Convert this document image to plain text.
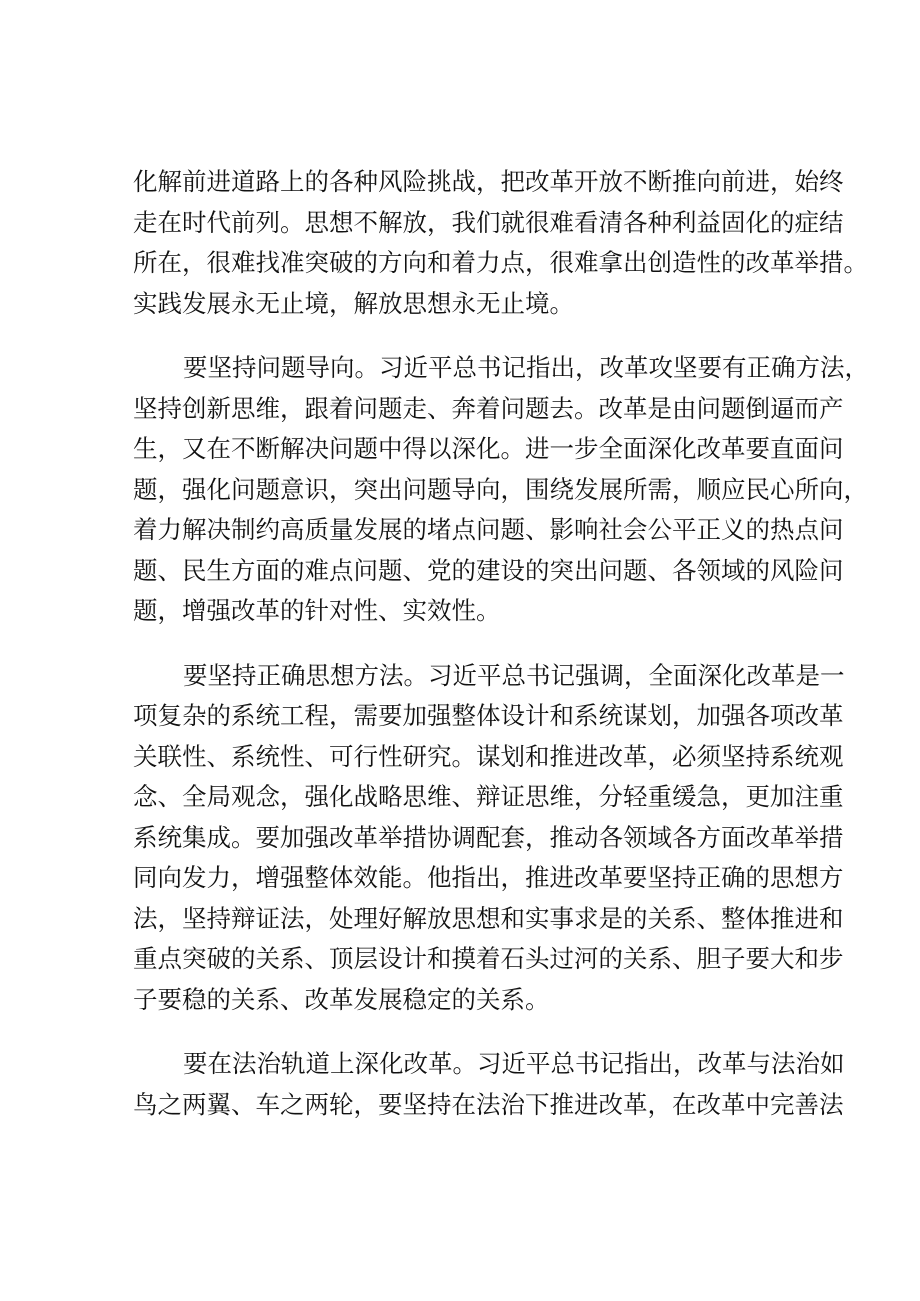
化解前进道路上的各种风险挑战，把改革开放不断推向前进，始终
走在时代前列。思想不解放，我们就很难看清各种利益固化的症结
所在，很难找准突破的方向和着力点，很难拿出创造性的改革举措。
实践发展永无止境，解放思想永无止境。
要坚持问题导向。习近平总书记指出，改革攻坚要有正确方法，
坚持创新思维，跟着问题走、奔着问题去。改革是由问题倒逼而产
生，又在不断解决问题中得以深化。进一步全面深化改革要直面问
题，强化问题意识，突出问题导向，围绕发展所需，顺应民心所向，
着力解决制约高质量发展的堵点问题、影响社会公平正义的热点问
题、民生方面的难点问题、党的建设的突出问题、各领域的风险问
题，增强改革的针对性、实效性。
要坚持正确思想方法。习近平总书记强调，全面深化改革是一
项复杂的系统工程，需要加强整体设计和系统谋划，加强各项改革
关联性、系统性、可行性研究。谋划和推进改革，必须坚持系统观
念、全局观念，强化战略思维、辩证思维，分轻重缓急，更加注重
系统集成。要加强改革举措协调配套，推动各领域各方面改革举措
同向发力，增强整体效能。他指出，推进改革要坚持正确的思想方
法，坚持辩证法，处理好解放思想和实事求是的关系、整体推进和
重点突破的关系、顶层设计和摸着石头过河的关系、胆子要大和步
子要稳的关系、改革发展稳定的关系。
要在法治轨道上深化改革。习近平总书记指出，改革与法治如
鸟之两翼、车之两轮，要坚持在法治下推进改革，在改革中完善法
